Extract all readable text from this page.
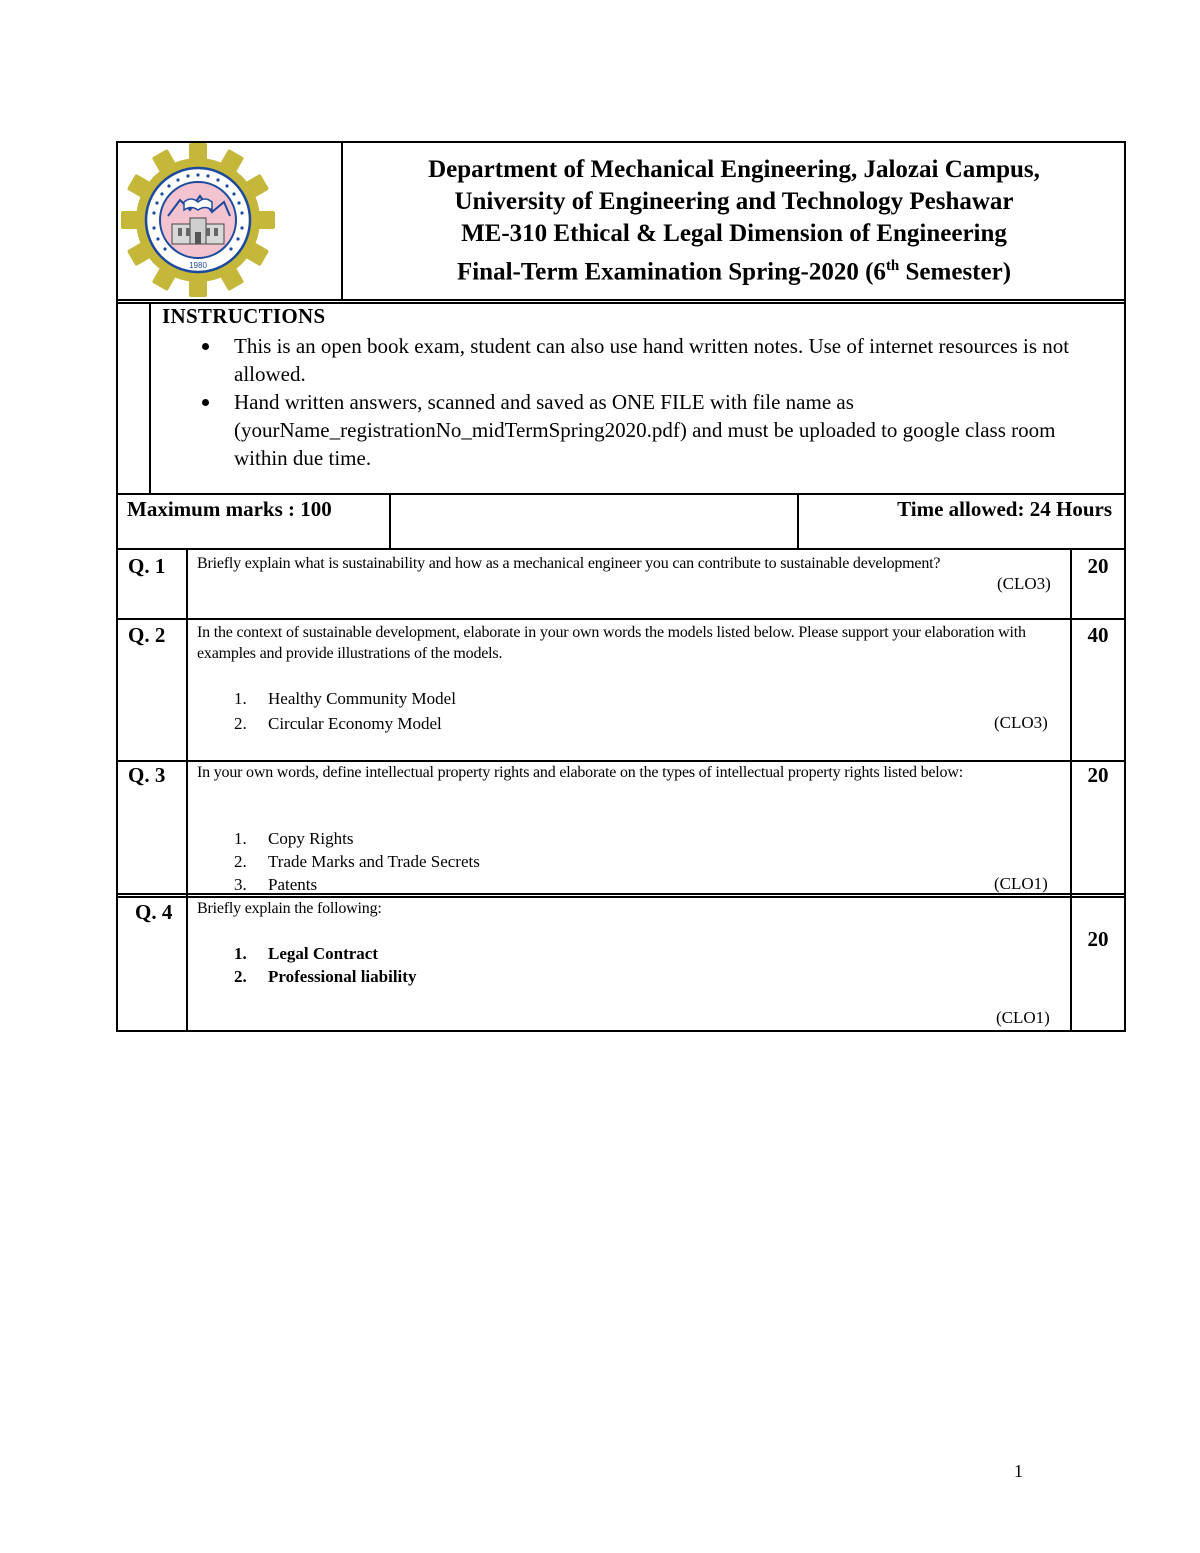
1980
Department of Mechanical Engineering, Jalozai Campus,
University of Engineering and Technology Peshawar
ME-310 Ethical & Legal Dimension of Engineering
Final-Term Examination Spring-2020 (6th Semester)
INSTRUCTIONS
This is an open book exam, student can also use hand written notes. Use of internet resources is not allowed.
Hand written answers, scanned and saved as ONE FILE with file name as (yourName_registrationNo_midTermSpring2020.pdf) and must be uploaded to google class room within due time.
Maximum marks : 100	Time allowed: 24 Hours
Q. 1 Briefly explain what is sustainability and how as a mechanical engineer you can contribute to sustainable development?
(CLO3)
20
Q. 2 In the context of sustainable development, elaborate in your own words the models listed below. Please support your elaboration with examples and provide illustrations of the models.
1. Healthy Community Model
2. Circular Economy Model	(CLO3)
40
Q. 3 In your own words, define intellectual property rights and elaborate on the types of intellectual property rights listed below:
1. Copy Rights
2. Trade Marks and Trade Secrets
3. Patents	(CLO1)
20
Q. 4 Briefly explain the following:
1. Legal Contract
2. Professional liability
(CLO1)
20
1
